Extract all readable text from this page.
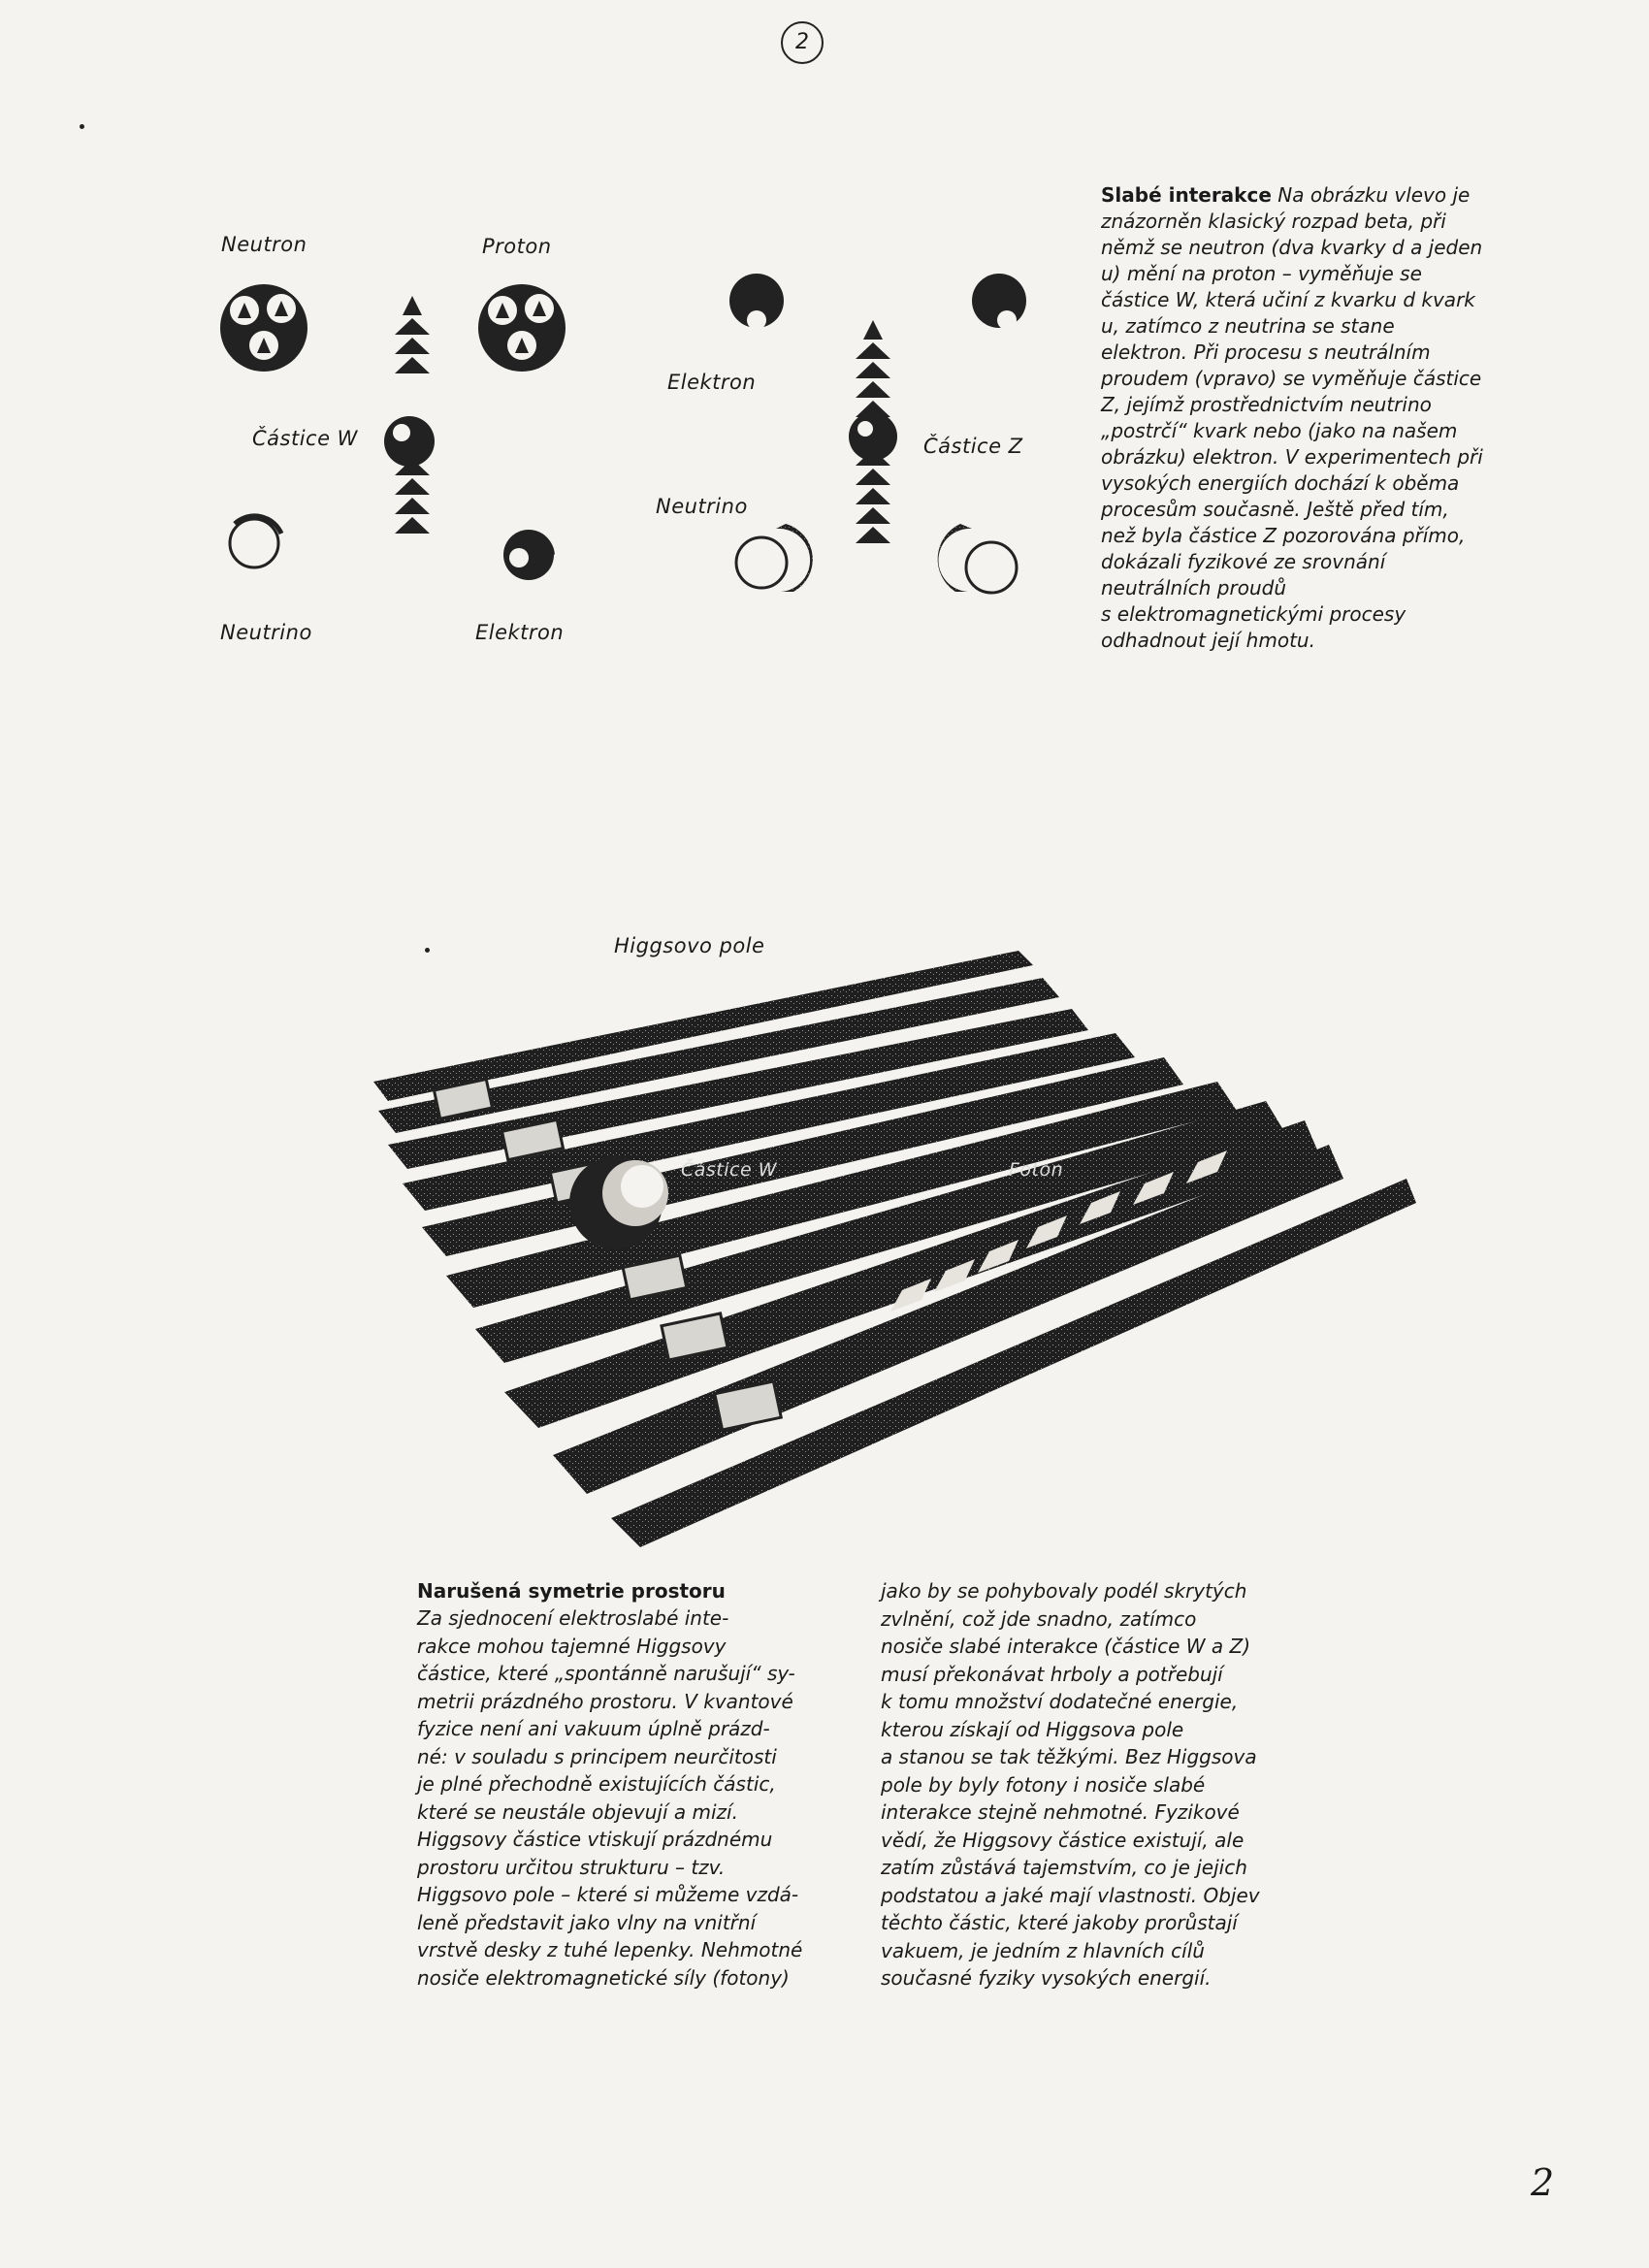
2
2
Neutron	Proton
Částice W
Neutrino	Elektron
Elektron
Částice Z
Neutrino
Slabé interakce Na obrázku vlevo je
znázorněn klasický rozpad beta, při
němž se neutron (dva kvarky d a jeden
u) mění na proton – vyměňuje se
částice W, která učiní z kvarku d kvark
u, zatímco z neutrina se stane
elektron. Při procesu s neutrálním
proudem (vpravo) se vyměňuje částice
Z, jejímž prostřednictvím neutrino
„postrčí“ kvark nebo (jako na našem
obrázku) elektron. V experimentech při
vysokých energiích dochází k oběma
procesům současně. Ještě před tím,
než byla částice Z pozorována přímo,
dokázali fyzikové ze srovnání
neutrálních proudů
s elektromagnetickými procesy
odhadnout její hmotu.
Higgsovo pole
Částice W	Foton
Narušená symetrie prostoru

Za sjednocení elektroslabé inte-

rakce mohou tajemné Higgsovy

částice, které „spontánně narušují“ sy-

metrii prázdného prostoru. V kvantové

fyzice není ani vakuum úplně prázd-

né: v souladu s principem neurčitosti

je plné přechodně existujících částic,

které se neustále objevují a mizí.

Higgsovy částice vtiskují prázdnému

prostoru určitou strukturu – tzv.

Higgsovo pole – které si můžeme vzdá-

leně představit jako vlny na vnitřní

vrstvě desky z tuhé lepenky. Nehmotné

nosiče elektromagnetické síly (fotony)

jako by se pohybovaly podél skrytých

zvlnění, což jde snadno, zatímco

nosiče slabé interakce (částice W a Z)

musí překonávat hrboly a potřebují

k tomu množství dodatečné energie,

kterou získají od Higgsova pole

a stanou se tak těžkými. Bez Higgsova

pole by byly fotony i nosiče slabé

interakce stejně nehmotné. Fyzikové

vědí, že Higgsovy částice existují, ale

zatím zůstává tajemstvím, co je jejich

podstatou a jaké mají vlastnosti. Objev

těchto částic, které jakoby prorůstají

vakuem, je jedním z hlavních cílů

současné fyziky vysokých energií.
